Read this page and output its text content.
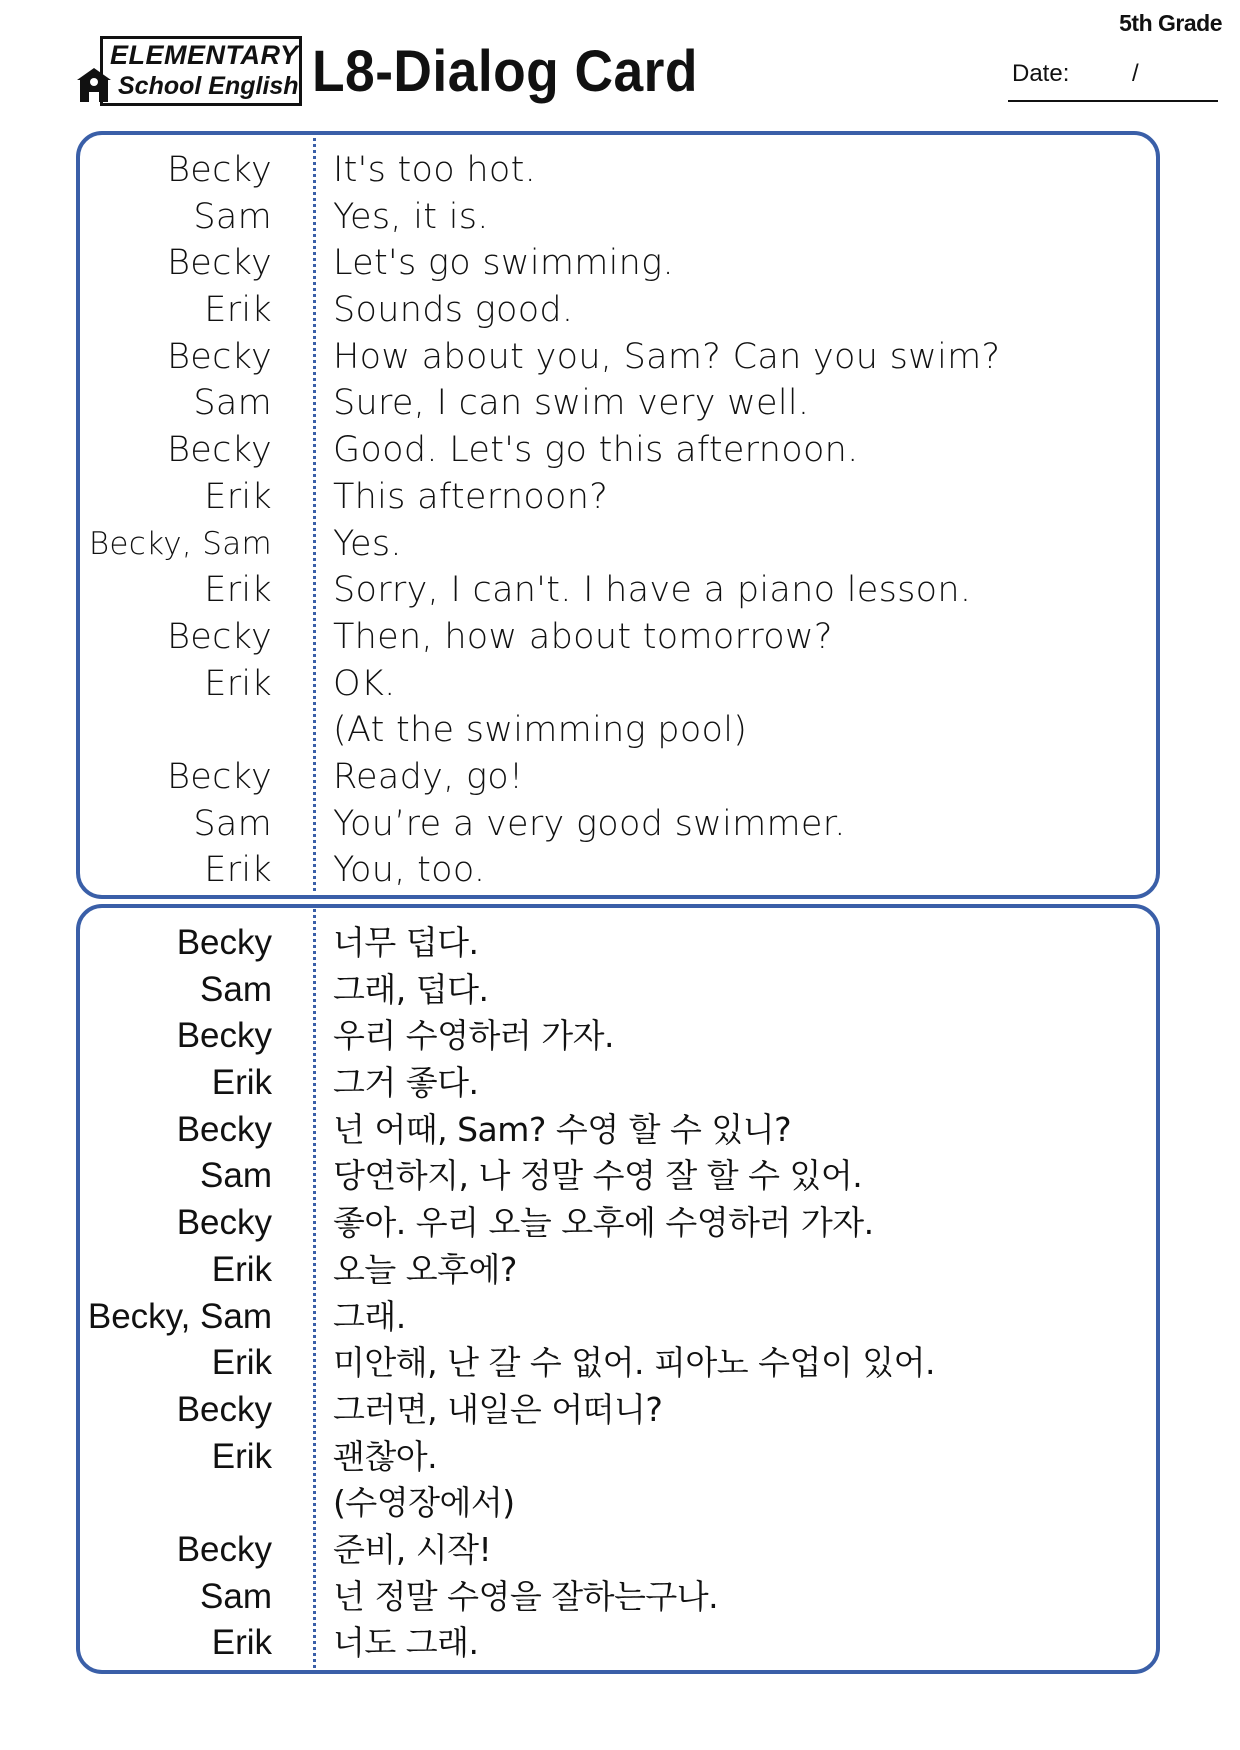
5th Grade
ELEMENTARY
School English L8-Dialog Card	Date:	/
Becky It's too hot.
Sam Yes, it is.
Becky Let's go swimming.
Erik Sounds good.
Becky How about you, Sam? Can you swim?
Sam Sure, I can swim very well.
Becky Good. Let's go this afternoon.
Erik This afternoon?
Becky, Sam Yes.
Erik Sorry, I can't. I have a piano lesson.
Becky Then, how about tomorrow?
Erik OK.
(At the swimming pool)
Becky Ready, go!
Sam You’re a very good swimmer.
Erik You, too.
Becky 너무 덥다.
Sam 그래, 덥다.
Becky 우리 수영하러 가자.
Erik 그거 좋다.
Becky 넌 어때, Sam? 수영 할 수 있니?
Sam 당연하지, 나 정말 수영 잘 할 수 있어.
Becky 좋아. 우리 오늘 오후에 수영하러 가자.
Erik 오늘 오후에?
Becky, Sam 그래.
Erik 미안해, 난 갈 수 없어. 피아노 수업이 있어.
Becky 그러면, 내일은 어떠니?
Erik 괜찮아.
(수영장에서)
Becky 준비, 시작!
Sam 넌 정말 수영을 잘하는구나.
Erik 너도 그래.
